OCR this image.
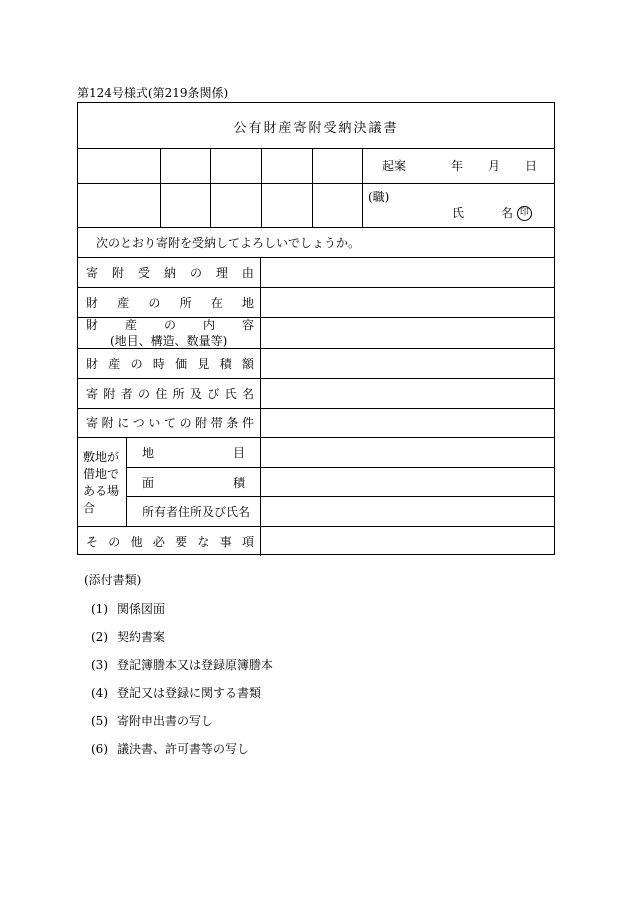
第124号様式(第219条関係)
公有財産寄附受納決議書
起案	年 月 日
(職)
氏	名 印
次のとおり寄附を受納してよろしいでしょうか。
寄 附 受 納 の 理 由
財 産 の 所 在 地
財 産 の 内 容
(地目、構造、数量等)
財 産 の 時 価 見 積 額
寄 附 者 の 住 所 及 び 氏 名
寄 附 に つ い て の 附 帯 条 件
敷地が借地である場合
地	目
面	積
所有者住所及び氏名
そ の 他 必 要 な 事 項
(添付書類)
(1) 関係図面
(2) 契約書案
(3) 登記簿謄本又は登録原簿謄本
(4) 登記又は登録に関する書類
(5) 寄附申出書の写し
(6) 議決書、許可書等の写し
